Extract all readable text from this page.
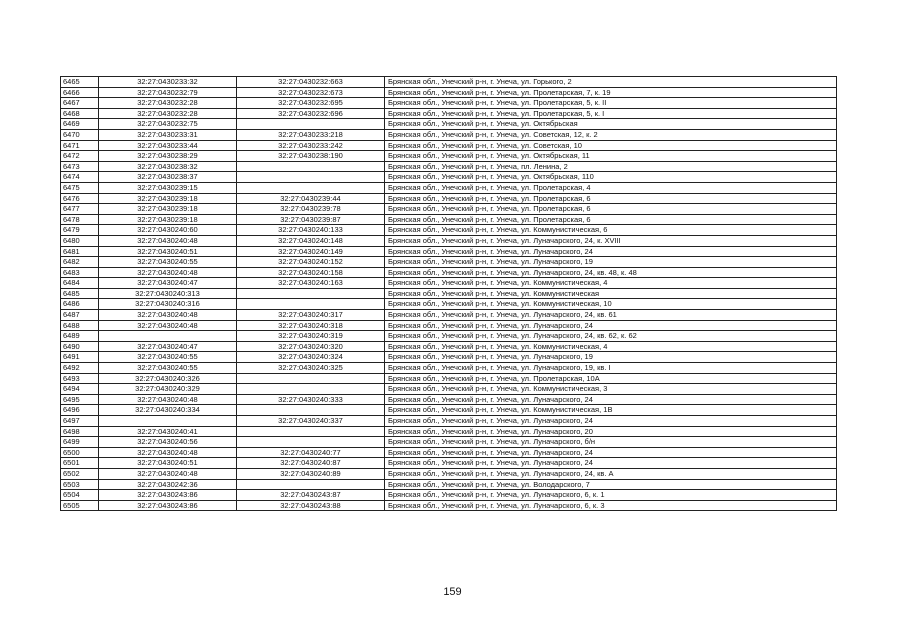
6465	32:27:0430233:32	32:27:0430232:663	Брянская обл., Унечский р-н, г. Унеча, ул. Горького, 2
6466	32:27:0430232:79	32:27:0430232:673	Брянская обл., Унечский р-н, г. Унеча, ул. Пролетарская, 7, к. 19
6467	32:27:0430232:28	32:27:0430232:695	Брянская обл., Унечский р-н, г. Унеча, ул. Пролетарская, 5, к. II
6468	32:27:0430232:28	32:27:0430232:696	Брянская обл., Унечский р-н, г. Унеча, ул. Пролетарская, 5, к. I
6469	32:27:0430232:75		Брянская обл., Унечский р-н, г. Унеча, ул. Октябрьская
6470	32:27:0430233:31	32:27:0430233:218	Брянская обл., Унечский р-н, г. Унеча, ул. Советская, 12, к. 2
6471	32:27:0430233:44	32:27:0430233:242	Брянская обл., Унечский р-н, г. Унеча, ул. Советская, 10
6472	32:27:0430238:29	32:27:0430238:190	Брянская обл., Унечский р-н, г. Унеча, ул. Октябрьская, 11
6473	32:27:0430238:32		Брянская обл., Унечский р-н, г. Унеча, пл. Ленина, 2
6474	32:27:0430238:37		Брянская обл., Унечский р-н, г. Унеча, ул. Октябрьская, 110
6475	32:27:0430239:15		Брянская обл., Унечский р-н, г. Унеча, ул. Пролетарская, 4
6476	32:27:0430239:18	32:27:0430239:44	Брянская обл., Унечский р-н, г. Унеча, ул. Пролетарская, 6
6477	32:27:0430239:18	32:27:0430239:78	Брянская обл., Унечский р-н, г. Унеча, ул. Пролетарская, 6
6478	32:27:0430239:18	32:27:0430239:87	Брянская обл., Унечский р-н, г. Унеча, ул. Пролетарская, 6
6479	32:27:0430240:60	32:27:0430240:133	Брянская обл., Унечский р-н, г. Унеча, ул. Коммунистическая, 6
6480	32:27:0430240:48	32:27:0430240:148	Брянская обл., Унечский р-н, г. Унеча, ул. Луначарского, 24, к. XVIII
6481	32:27:0430240:51	32:27:0430240:149	Брянская обл., Унечский р-н, г. Унеча, ул. Луначарского, 24
6482	32:27:0430240:55	32:27:0430240:152	Брянская обл., Унечский р-н, г. Унеча, ул. Луначарского, 19
6483	32:27:0430240:48	32:27:0430240:158	Брянская обл., Унечский р-н, г. Унеча, ул. Луначарского, 24, кв. 48, к. 48
6484	32:27:0430240:47	32:27:0430240:163	Брянская обл., Унечский р-н, г. Унеча, ул. Коммунистическая, 4
6485	32:27:0430240:313		Брянская обл., Унечский р-н, г. Унеча, ул. Коммунистическая
6486	32:27:0430240:316		Брянская обл., Унечский р-н, г. Унеча, ул. Коммунистическая, 10
6487	32:27:0430240:48	32:27:0430240:317	Брянская обл., Унечский р-н, г. Унеча, ул. Луначарского, 24, кв. 61
6488	32:27:0430240:48	32:27:0430240:318	Брянская обл., Унечский р-н, г. Унеча, ул. Луначарского, 24
6489		32:27:0430240:319	Брянская обл., Унечский р-н, г. Унеча, ул. Луначарского, 24, кв. 62, к. 62
6490	32:27:0430240:47	32:27:0430240:320	Брянская обл., Унечский р-н, г. Унеча, ул. Коммунистическая, 4
6491	32:27:0430240:55	32:27:0430240:324	Брянская обл., Унечский р-н, г. Унеча, ул. Луначарского, 19
6492	32:27:0430240:55	32:27:0430240:325	Брянская обл., Унечский р-н, г. Унеча, ул. Луначарского, 19, кв. I
6493	32:27:0430240:326		Брянская обл., Унечский р-н, г. Унеча, ул. Пролетарская, 10А
6494	32:27:0430240:329		Брянская обл., Унечский р-н, г. Унеча, ул. Коммунистическая, 3
6495	32:27:0430240:48	32:27:0430240:333	Брянская обл., Унечский р-н, г. Унеча, ул. Луначарского, 24
6496	32:27:0430240:334		Брянская обл., Унечский р-н, г. Унеча, ул. Коммунистическая, 1В
6497		32:27:0430240:337	Брянская обл., Унечский р-н, г. Унеча, ул. Луначарского, 24
6498	32:27:0430240:41		Брянская обл., Унечский р-н, г. Унеча, ул. Луначарского, 20
6499	32:27:0430240:56		Брянская обл., Унечский р-н, г. Унеча, ул. Луначарского, б/н
6500	32:27:0430240:48	32:27:0430240:77	Брянская обл., Унечский р-н, г. Унеча, ул. Луначарского, 24
6501	32:27:0430240:51	32:27:0430240:87	Брянская обл., Унечский р-н, г. Унеча, ул. Луначарского, 24
6502	32:27:0430240:48	32:27:0430240:89	Брянская обл., Унечский р-н, г. Унеча, ул. Луначарского, 24, кв. А
6503	32:27:0430242:36		Брянская обл., Унечский р-н, г. Унеча, ул. Володарского, 7
6504	32:27:0430243:86	32:27:0430243:87	Брянская обл., Унечский р-н, г. Унеча, ул. Луначарского, 6, к. 1
6505	32:27:0430243:86	32:27:0430243:88	Брянская обл., Унечский р-н, г. Унеча, ул. Луначарского, 6, к. 3
159
